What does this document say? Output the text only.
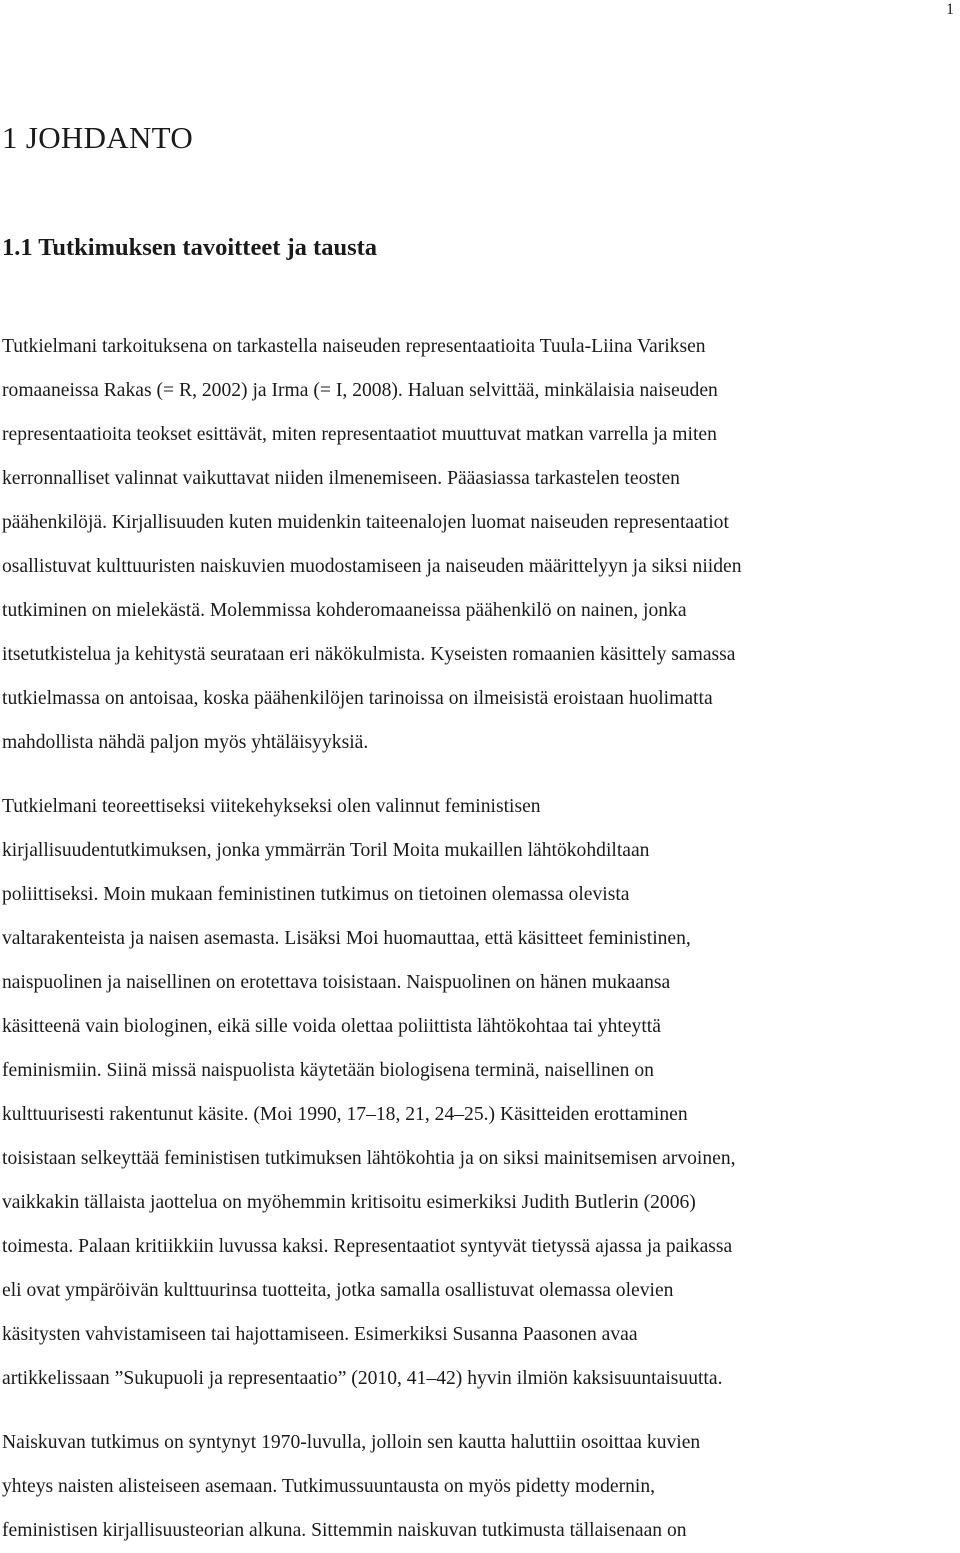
1
1 JOHDANTO
1.1 Tutkimuksen tavoitteet ja tausta
Tutkielmani tarkoituksena on tarkastella naiseuden representaatioita Tuula-Liina Variksen
romaaneissa Rakas (= R, 2002) ja Irma (= I, 2008). Haluan selvittää, minkälaisia naiseuden
representaatioita teokset esittävät, miten representaatiot muuttuvat matkan varrella ja miten
kerronnalliset valinnat vaikuttavat niiden ilmenemiseen. Pääasiassa tarkastelen teosten
päähenkilöjä. Kirjallisuuden kuten muidenkin taiteenalojen luomat naiseuden representaatiot
osallistuvat kulttuuristen naiskuvien muodostamiseen ja naiseuden määrittelyyn ja siksi niiden
tutkiminen on mielekästä. Molemmissa kohderomaaneissa päähenkilö on nainen, jonka
itsetutkistelua ja kehitystä seurataan eri näkökulmista. Kyseisten romaanien käsittely samassa
tutkielmassa on antoisaa, koska päähenkilöjen tarinoissa on ilmeisistä eroistaan huolimatta
mahdollista nähdä paljon myös yhtäläisyyksiä.
Tutkielmani teoreettiseksi viitekehykseksi olen valinnut feministisen
kirjallisuudentutkimuksen, jonka ymmärrän Toril Moita mukaillen lähtökohdiltaan
poliittiseksi. Moin mukaan feministinen tutkimus on tietoinen olemassa olevista
valtarakenteista ja naisen asemasta. Lisäksi Moi huomauttaa, että käsitteet feministinen,
naispuolinen ja naisellinen on erotettava toisistaan. Naispuolinen on hänen mukaansa
käsitteenä vain biologinen, eikä sille voida olettaa poliittista lähtökohtaa tai yhteyttä
feminismiin. Siinä missä naispuolista käytetään biologisena terminä, naisellinen on
kulttuurisesti rakentunut käsite. (Moi 1990, 17–18, 21, 24–25.) Käsitteiden erottaminen
toisistaan selkeyttää feministisen tutkimuksen lähtökohtia ja on siksi mainitsemisen arvoinen,
vaikkakin tällaista jaottelua on myöhemmin kritisoitu esimerkiksi Judith Butlerin (2006)
toimesta. Palaan kritiikkiin luvussa kaksi. Representaatiot syntyvät tietyssä ajassa ja paikassa
eli ovat ympäröivän kulttuurinsa tuotteita, jotka samalla osallistuvat olemassa olevien
käsitysten vahvistamiseen tai hajottamiseen. Esimerkiksi Susanna Paasonen avaa
artikkelissaan ”Sukupuoli ja representaatio” (2010, 41–42) hyvin ilmiön kaksisuuntaisuutta.
Naiskuvan tutkimus on syntynyt 1970-luvulla, jolloin sen kautta haluttiin osoittaa kuvien
yhteys naisten alisteiseen asemaan. Tutkimussuuntausta on myös pidetty modernin,
feministisen kirjallisuusteorian alkuna. Sittemmin naiskuvan tutkimusta tällaisenaan on
